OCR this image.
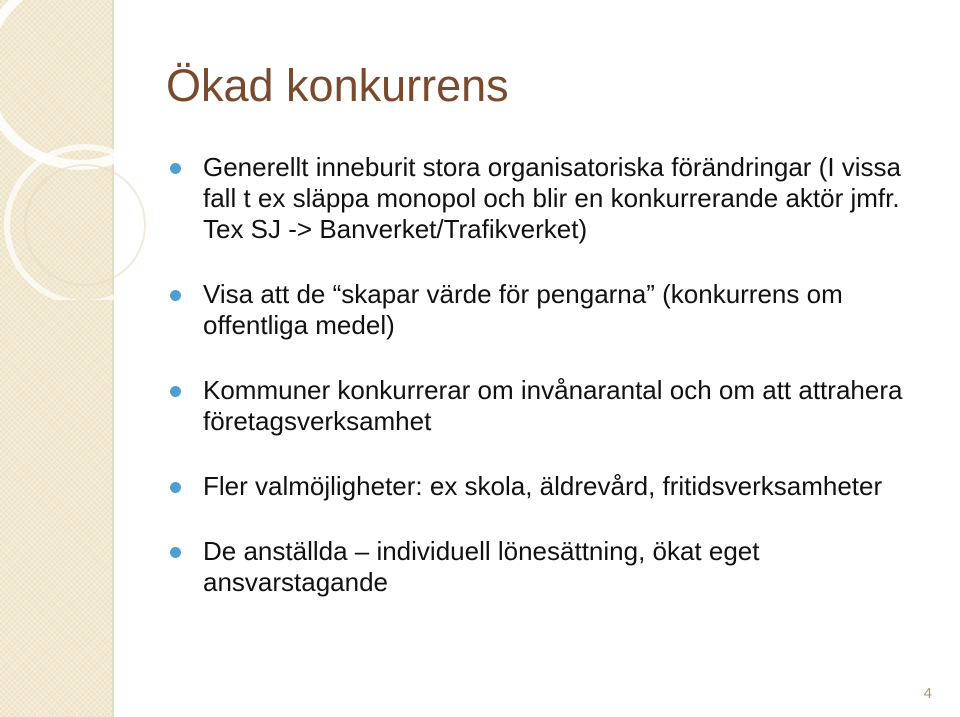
Ökad konkurrens
Generellt inneburit stora organisatoriska förändringar (I vissa fall t ex släppa monopol och blir en konkurrerande aktör jmfr. Tex SJ -> Banverket/Trafikverket)
Visa att de “skapar värde för pengarna” (konkurrens om offentliga medel)
Kommuner konkurrerar om invånarantal och om att attrahera företagsverksamhet
Fler valmöjligheter: ex skola, äldrevård, fritidsverksamheter
De anställda – individuell lönesättning, ökat eget ansvarstagande
4
